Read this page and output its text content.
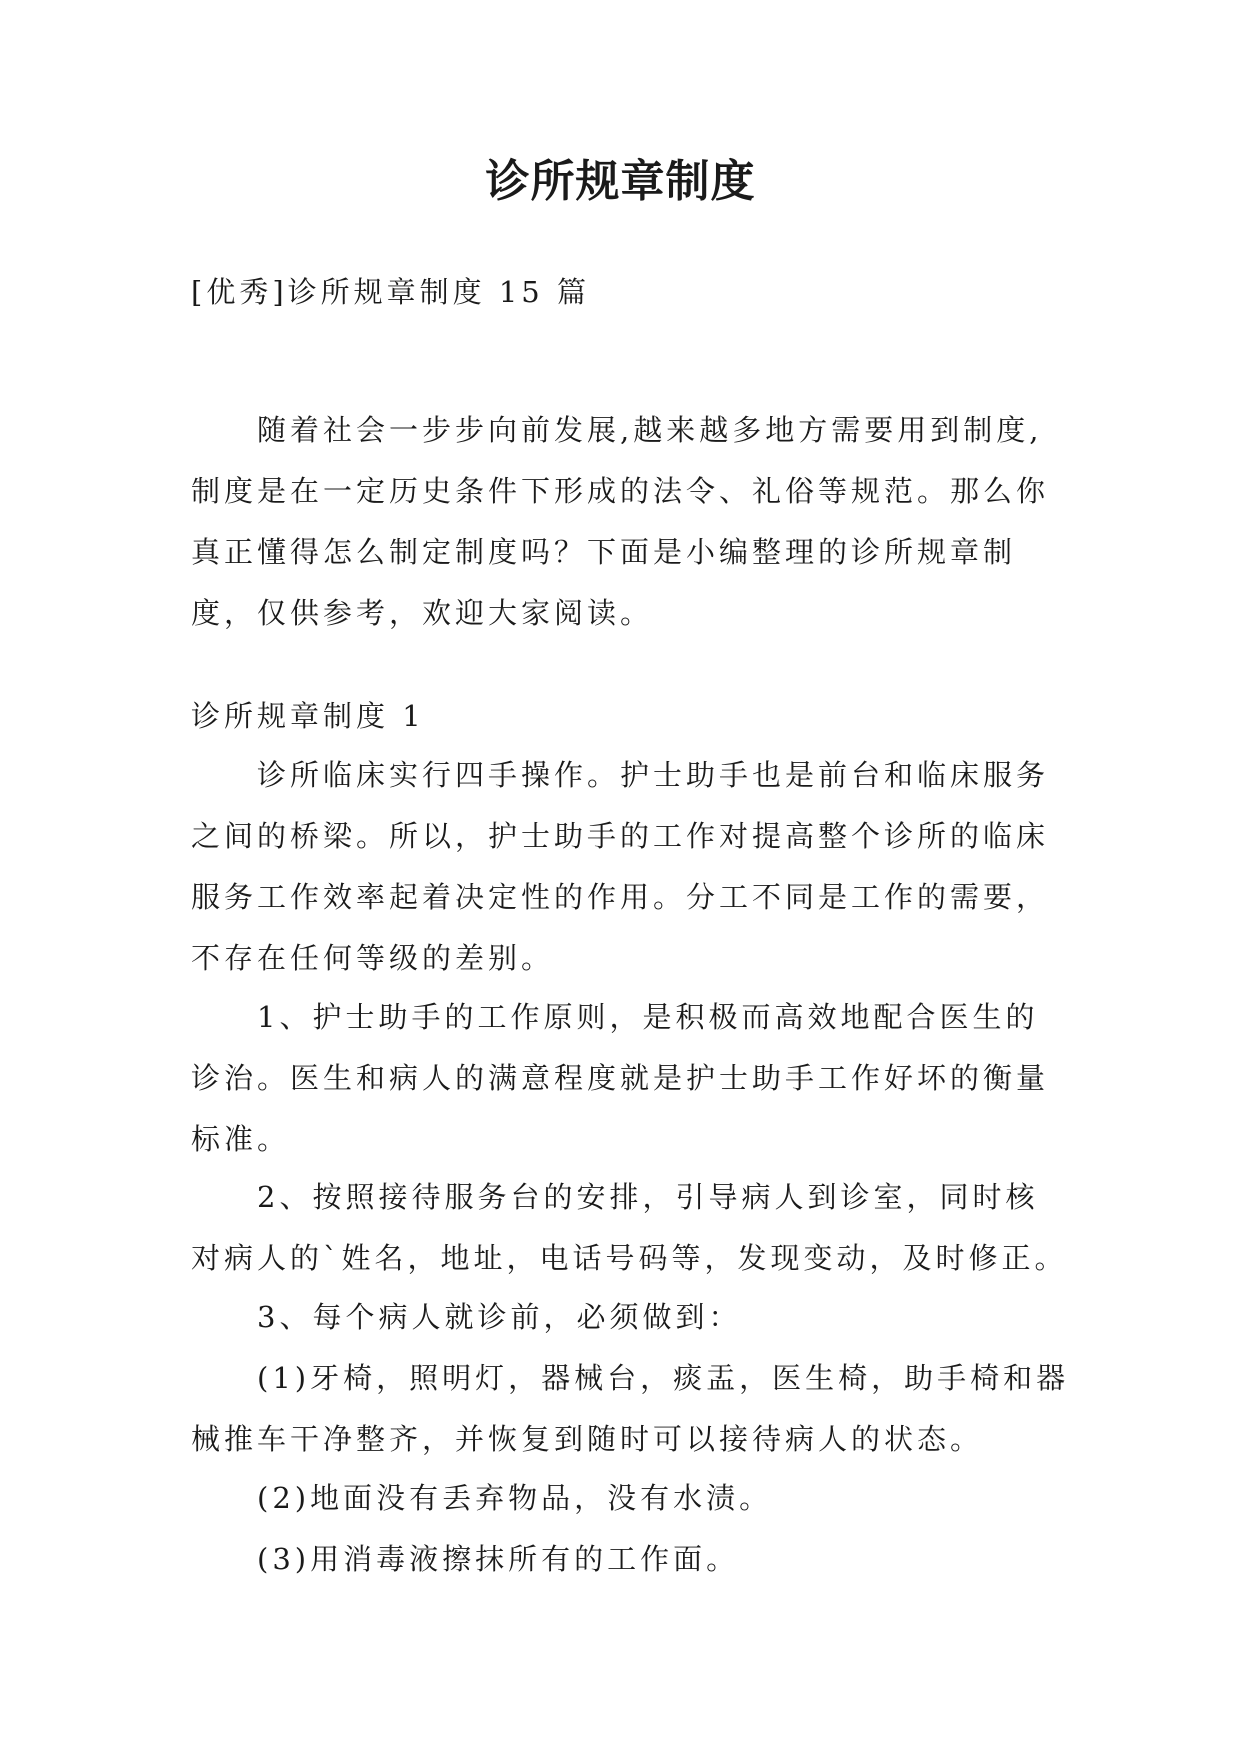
诊所规章制度

[优秀]诊所规章制度 15 篇

随着社会一步步向前发展,越来越多地方需要用到制度,制度是在一定历史条件下形成的法令、礼俗等规范。那么你真正懂得怎么制定制度吗？下面是小编整理的诊所规章制度，仅供参考，欢迎大家阅读。

诊所规章制度 1

诊所临床实行四手操作。护士助手也是前台和临床服务之间的桥梁。所以，护士助手的工作对提高整个诊所的临床服务工作效率起着决定性的作用。分工不同是工作的需要，不存在任何等级的差别。

1、护士助手的工作原则，是积极而高效地配合医生的诊治。医生和病人的满意程度就是护士助手工作好坏的衡量标准。

2、按照接待服务台的安排，引导病人到诊室，同时核对病人的`姓名，地址，电话号码等，发现变动，及时修正。

3、每个病人就诊前，必须做到：

(1)牙椅，照明灯，器械台，痰盂，医生椅，助手椅和器械推车干净整齐，并恢复到随时可以接待病人的状态。

(2)地面没有丢弃物品，没有水渍。

(3)用消毒液擦抹所有的工作面。
